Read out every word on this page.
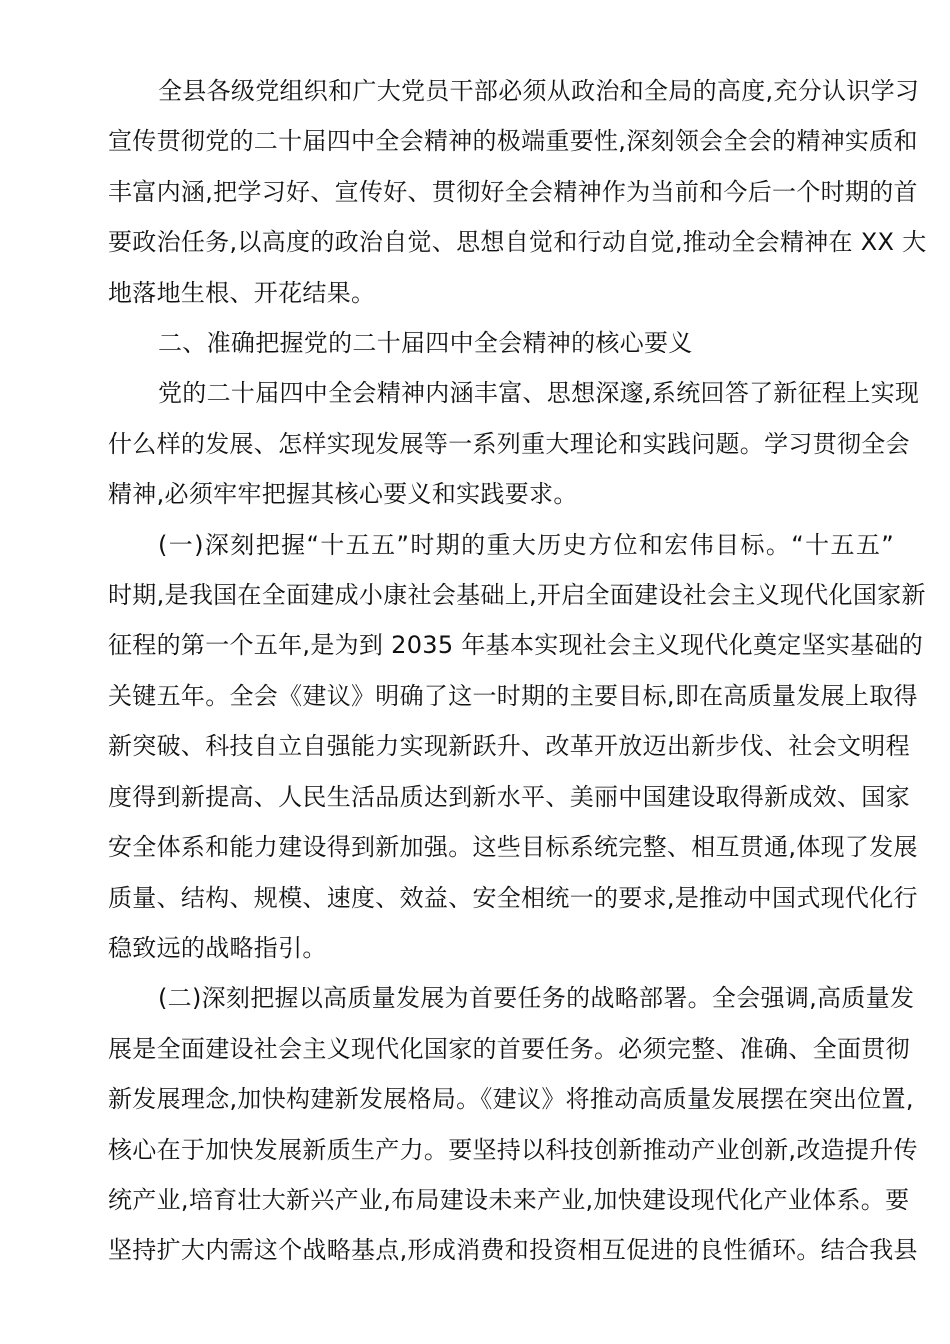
全县各级党组织和广大党员干部必须从政治和全局的高度,充分认识学习
宣传贯彻党的二十届四中全会精神的极端重要性,深刻领会全会的精神实质和
丰富内涵,把学习好、宣传好、贯彻好全会精神作为当前和今后一个时期的首
要政治任务,以高度的政治自觉、思想自觉和行动自觉,推动全会精神在 XX 大
地落地生根、开花结果。
二、准确把握党的二十届四中全会精神的核心要义
党的二十届四中全会精神内涵丰富、思想深邃,系统回答了新征程上实现
什么样的发展、怎样实现发展等一系列重大理论和实践问题。学习贯彻全会
精神,必须牢牢把握其核心要义和实践要求。
(一)深刻把握“十五五”时期的重大历史方位和宏伟目标。“十五五”
时期,是我国在全面建成小康社会基础上,开启全面建设社会主义现代化国家新
征程的第一个五年,是为到 2035 年基本实现社会主义现代化奠定坚实基础的
关键五年。全会《建议》明确了这一时期的主要目标,即在高质量发展上取得
新突破、科技自立自强能力实现新跃升、改革开放迈出新步伐、社会文明程
度得到新提高、人民生活品质达到新水平、美丽中国建设取得新成效、国家
安全体系和能力建设得到新加强。这些目标系统完整、相互贯通,体现了发展
质量、结构、规模、速度、效益、安全相统一的要求,是推动中国式现代化行
稳致远的战略指引。
(二)深刻把握以高质量发展为首要任务的战略部署。全会强调,高质量发
展是全面建设社会主义现代化国家的首要任务。必须完整、准确、全面贯彻
新发展理念,加快构建新发展格局。《建议》将推动高质量发展摆在突出位置,
核心在于加快发展新质生产力。要坚持以科技创新推动产业创新,改造提升传
统产业,培育壮大新兴产业,布局建设未来产业,加快建设现代化产业体系。要
坚持扩大内需这个战略基点,形成消费和投资相互促进的良性循环。结合我县
